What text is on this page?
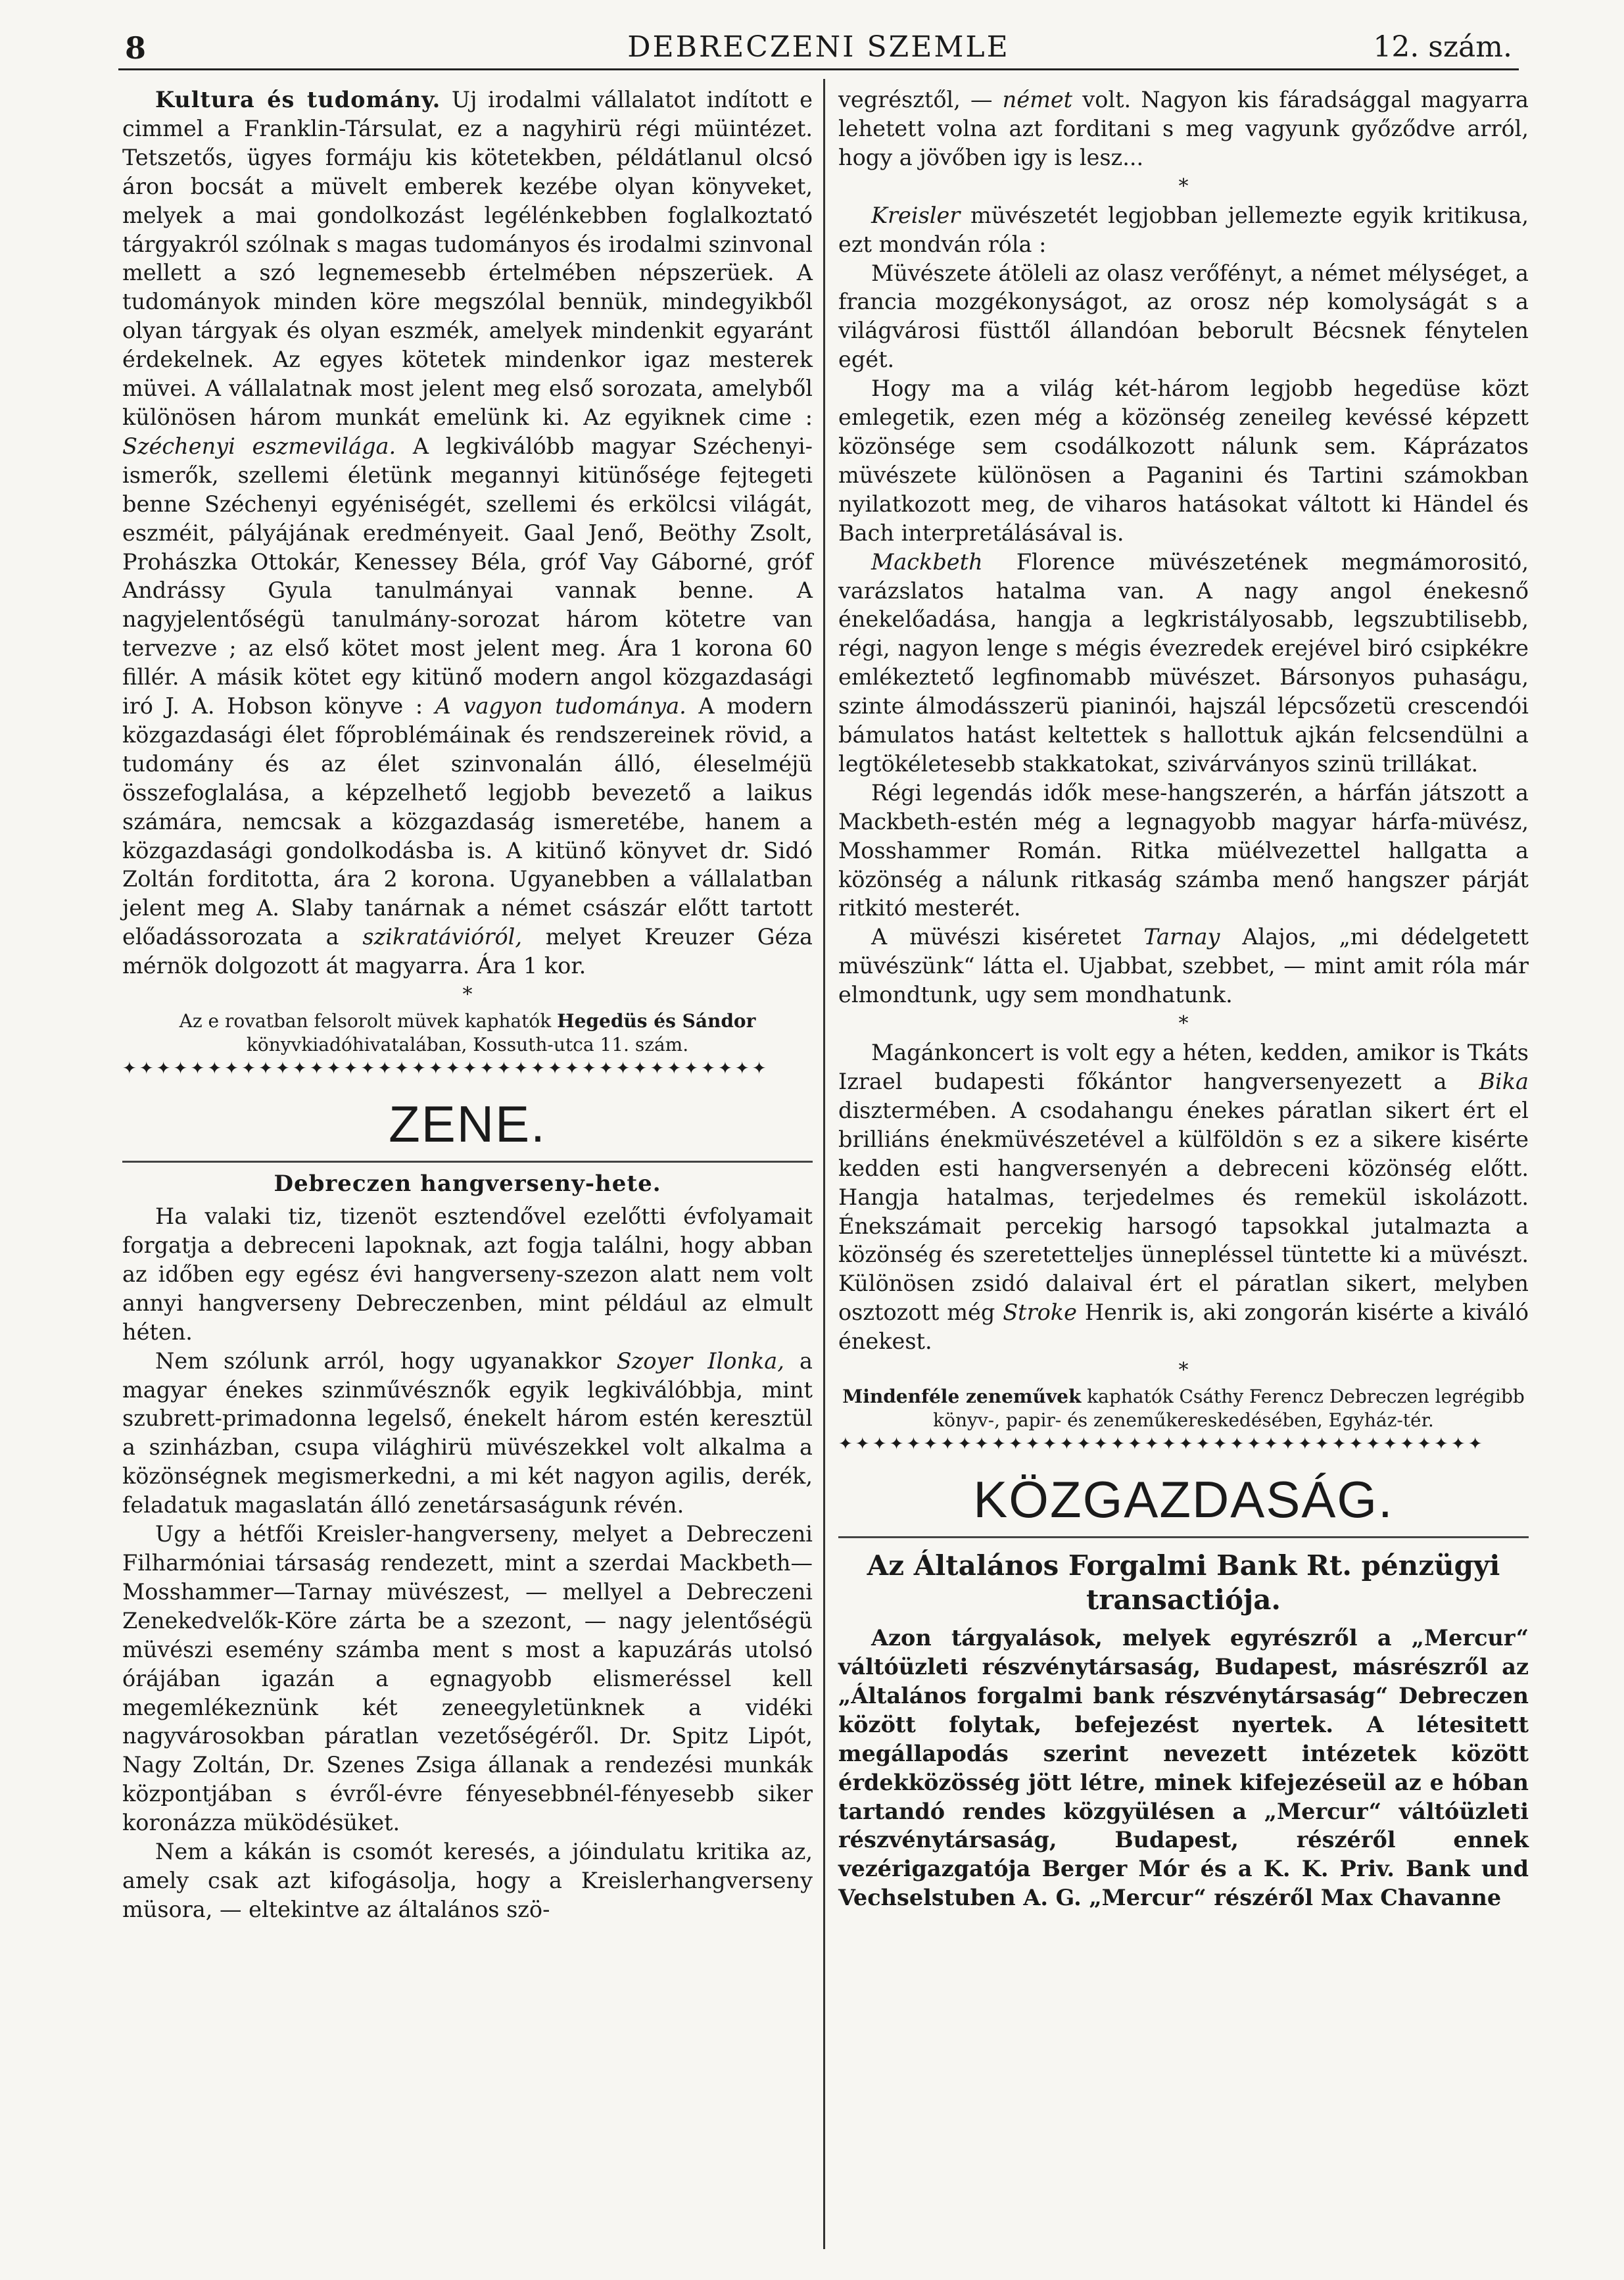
8	DEBRECZENI SZEMLE	12. szám.

Kultura és tudomány. Uj irodalmi vállalatot indított e cimmel a Franklin-Társulat, ez a nagyhirü régi müintézet. Tetszetős, ügyes formáju kis kötetekben, példátlanul olcsó áron bocsát a müvelt emberek kezébe olyan könyveket, melyek a mai gondolkozást legélénkebben foglalkoztató tárgyakról szólnak s magas tudományos és irodalmi szinvonal mellett a szó legnemesebb értelmében népszerüek. A tudományok minden köre megszólal bennük, mindegyikből olyan tárgyak és olyan eszmék, amelyek mindenkit egyaránt érdekelnek. Az egyes kötetek mindenkor igaz mesterek müvei. A vállalatnak most jelent meg első sorozata, amelyből különösen három munkát emelünk ki. Az egyiknek cime : Széchenyi eszmevilága. A legkiválóbb magyar Széchenyi-ismerők, szellemi életünk megannyi kitünősége fejtegeti benne Széchenyi egyéniségét, szellemi és erkölcsi világát, eszméit, pályájának eredményeit. Gaal Jenő, Beöthy Zsolt, Prohászka Ottokár, Kenessey Béla, gróf Vay Gáborné, gróf Andrássy Gyula tanulmányai vannak benne. A nagyjelentőségü tanulmány-sorozat három kötetre van tervezve ; az első kötet most jelent meg. Ára 1 korona 60 fillér. A másik kötet egy kitünő modern angol közgazdasági iró J. A. Hobson könyve : A vagyon tudománya. A modern közgazdasági élet főproblémáinak és rendszereinek rövid, a tudomány és az élet szinvonalán álló, éleselméjü összefoglalása, a képzelhető legjobb bevezető a laikus számára, nemcsak a közgazdaság ismeretébe, hanem a közgazdasági gondolkodásba is. A kitünő könyvet dr. Sidó Zoltán forditotta, ára 2 korona. Ugyanebben a vállalatban jelent meg A. Slaby tanárnak a német császár előtt tartott előadássorozata a szikratávióról, melyet Kreuzer Géza mérnök dolgozott át magyarra. Ára 1 kor.

*

Az e rovatban felsorolt müvek kaphatók Hegedüs és Sándor könyvkiadóhivatalában, Kossuth-utca 11. szám.

✦✦✦✦✦✦✦✦✦✦✦✦✦✦✦✦✦✦✦✦✦✦✦✦✦✦✦✦✦✦✦✦✦✦✦✦✦✦
ZENE.
Debreczen hangverseny-hete.

Ha valaki tiz, tizenöt esztendővel ezelőtti évfolyamait forgatja a debreceni lapoknak, azt fogja találni, hogy abban az időben egy egész évi hangverseny-szezon alatt nem volt annyi hangverseny Debreczenben, mint például az elmult héten.

Nem szólunk arról, hogy ugyanakkor Szoyer Ilonka, a magyar énekes szinművésznők egyik legkiválóbbja, mint szubrett-primadonna legelső, énekelt három estén keresztül a szinházban, csupa világhirü müvészekkel volt alkalma a közönségnek megismerkedni, a mi két nagyon agilis, derék, feladatuk magaslatán álló zenetársaságunk révén.

Ugy a hétfői Kreisler-hangverseny, melyet a Debreczeni Filharmóniai társaság rendezett, mint a szerdai Mackbeth—Mosshammer—Tarnay müvészest, — mellyel a Debreczeni Zenekedvelők-Köre zárta be a szezont, — nagy jelentőségü müvészi esemény számba ment s most a kapuzárás utolsó órájában igazán a egnagyobb elismeréssel kell megemlékeznünk két zeneegyletünknek a vidéki nagyvárosokban páratlan vezetőségéről. Dr. Spitz Lipót, Nagy Zoltán, Dr. Szenes Zsiga állanak a rendezési munkák központjában s évről-évre fényesebbnél-fényesebb siker koronázza müködésüket.

Nem a kákán is csomót keresés, a jóindulatu kritika az, amely csak azt kifogásolja, hogy a Kreislerhangverseny müsora, — eltekintve az általános szö-

vegrésztől, — német volt. Nagyon kis fáradsággal magyarra lehetett volna azt forditani s meg vagyunk győződve arról, hogy a jövőben igy is lesz...

*

Kreisler müvészetét legjobban jellemezte egyik kritikusa, ezt mondván róla :

Müvészete átöleli az olasz verőfényt, a német mélységet, a francia mozgékonyságot, az orosz nép komolyságát s a világvárosi füsttől állandóan beborult Bécsnek fénytelen egét.

Hogy ma a világ két-három legjobb hegedüse közt emlegetik, ezen még a közönség zeneileg kevéssé képzett közönsége sem csodálkozott nálunk sem. Káprázatos müvészete különösen a Paganini és Tartini számokban nyilatkozott meg, de viharos hatásokat váltott ki Händel és Bach interpretálásával is.

Mackbeth Florence müvészetének megmámorositó, varázslatos hatalma van. A nagy angol énekesnő énekelőadása, hangja a legkristályosabb, legszubtilisebb, régi, nagyon lenge s mégis évezredek erejével biró csipkékre emlékeztető legfinomabb müvészet. Bársonyos puhaságu, szinte álmodásszerü pianinói, hajszál lépcsőzetü crescendói bámulatos hatást keltettek s hallottuk ajkán felcsendülni a legtökéletesebb stakkatokat, szivárványos szinü trillákat.

Régi legendás idők mese-hangszerén, a hárfán játszott a Mackbeth-estén még a legnagyobb magyar hárfa-müvész, Mosshammer Román. Ritka müélvezettel hallgatta a közönség a nálunk ritkaság számba menő hangszer párját ritkitó mesterét.

A müvészi kiséretet Tarnay Alajos, „mi dédelgetett müvészünk“ látta el. Ujabbat, szebbet, — mint amit róla már elmondtunk, ugy sem mondhatunk.

*

Magánkoncert is volt egy a héten, kedden, amikor is Tkáts Izrael budapesti főkántor hangversenyezett a Bika disztermében. A csodahangu énekes páratlan sikert ért el brilliáns énekmüvészetével a külföldön s ez a sikere kisérte kedden esti hangversenyén a debreceni közönség előtt. Hangja hatalmas, terjedelmes és remekül iskolázott. Énekszámait percekig harsogó tapsokkal jutalmazta a közönség és szeretetteljes ünnepléssel tüntette ki a müvészt. Különösen zsidó dalaival ért el páratlan sikert, melyben osztozott még Stroke Henrik is, aki zongorán kisérte a kiváló énekest.

*

Mindenféle zeneművek kaphatók Csáthy Ferencz Debreczen legrégibb könyv-, papir- és zeneműkereskedésében, Egyház-tér.

✦✦✦✦✦✦✦✦✦✦✦✦✦✦✦✦✦✦✦✦✦✦✦✦✦✦✦✦✦✦✦✦✦✦✦✦✦✦
KÖZGAZDASÁG.
Az Általános Forgalmi Bank Rt. pénzügyi transactiója.

Azon tárgyalások, melyek egyrészről a „Mercur“ váltóüzleti részvénytársaság, Budapest, másrészről az „Általános forgalmi bank részvénytársaság“ Debreczen között folytak, befejezést nyertek. A létesitett megállapodás szerint nevezett intézetek között érdekközösség jött létre, minek kifejezéseül az e hóban tartandó rendes közgyülésen a „Mercur“ váltóüzleti részvénytársaság, Budapest, részéről ennek vezérigazgatója Berger Mór és a K. K. Priv. Bank und Vechselstuben A. G. „Mercur“ részéről Max Chavanne
